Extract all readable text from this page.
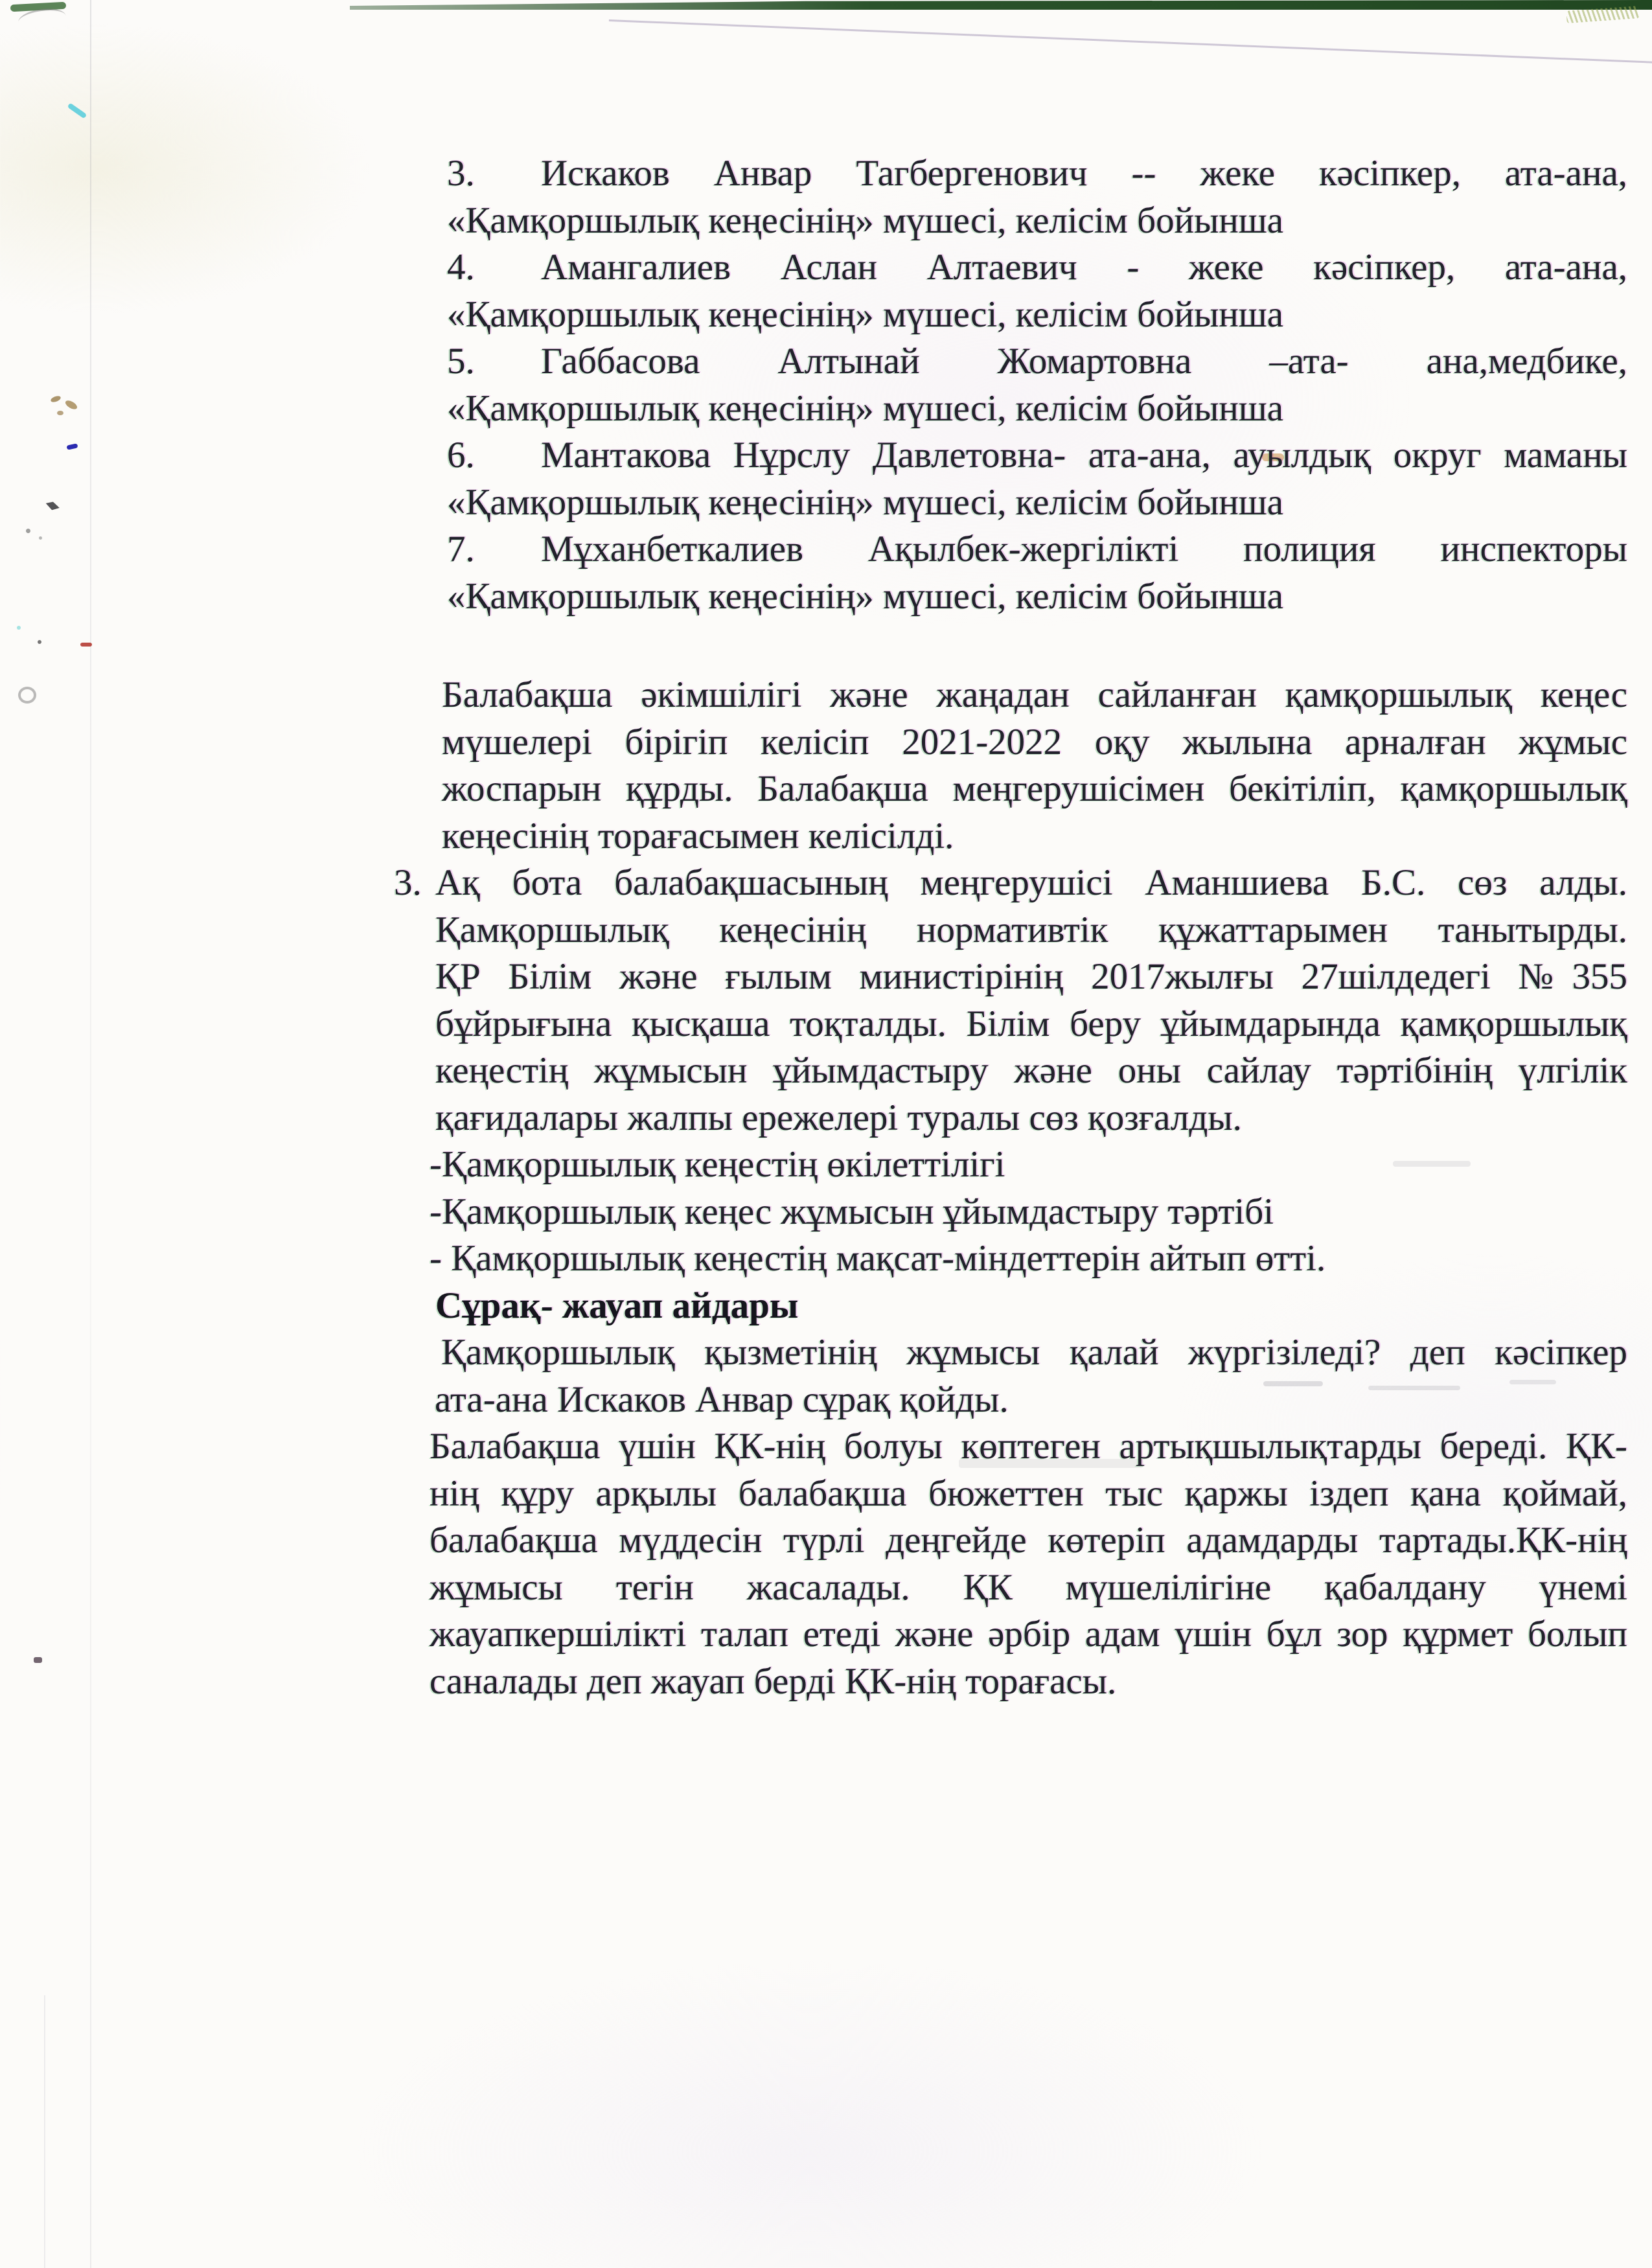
3. Искаков Анвар Тагбергенович -- жеке кәсіпкер, ата-ана,
«Қамқоршылық кеңесінің» мүшесі, келісім бойынша
4. Амангалиев Аслан Алтаевич - жеке кәсіпкер, ата-ана,
«Қамқоршылық кеңесінің» мүшесі, келісім бойынша
5. Габбасова Алтынай Жомартовна –ата- ана,медбике,
«Қамқоршылық кеңесінің» мүшесі, келісім бойынша
6. Мантакова Нұрслу Давлетовна- ата-ана, ауылдық округ маманы
«Қамқоршылық кеңесінің» мүшесі, келісім бойынша
7. Мұханбеткалиев Ақылбек-жергілікті полиция инспекторы
«Қамқоршылық кеңесінің» мүшесі, келісім бойынша
Балабақша әкімшілігі және жаңадан сайланған қамқоршылық кеңес
мүшелері бірігіп келісіп 2021-2022 оқу жылына арналған жұмыс
жоспарын құрды. Балабақша меңгерушісімен бекітіліп, қамқоршылық
кеңесінің торағасымен келісілді.
3. Ақ бота балабақшасының меңгерушісі Аманшиева Б.С. сөз алды.
Қамқоршылық кеңесінің нормативтік құжаттарымен танытырды.
ҚР Білім және ғылым министірінің 2017жылғы 27шілдедегі №355
бұйрығына қысқаша тоқталды. Білім беру ұйымдарында қамқоршылық
кеңестің жұмысын ұйымдастыру және оны сайлау тәртібінің үлгілік
қағидалары жалпы ережелері туралы сөз қозғалды.
-Қамқоршылық кеңестің өкілеттілігі
-Қамқоршылық кеңес жұмысын ұйымдастыру тәртібі
- Қамқоршылық кеңестің мақсат-міндеттерін айтып өтті.
Сұрақ- жауап айдары
Қамқоршылық қызметінің жұмысы қалай жүргізіледі? деп кәсіпкер
ата-ана Искаков Анвар сұрақ қойды.
Балабақша үшін ҚК-нің болуы көптеген артықшылықтарды береді. ҚК-
нің құру арқылы балабақша бюжеттен тыс қаржы іздеп қана қоймай,
балабақша мүддесін түрлі деңгейде көтеріп адамдарды тартады.ҚК-нің
жұмысы тегін жасалады. ҚК мүшелілігіне қабалдану үнемі
жауапкершілікті талап етеді және әрбір адам үшін бұл зор құрмет болып
саналады деп жауап берді ҚК-нің торағасы.
